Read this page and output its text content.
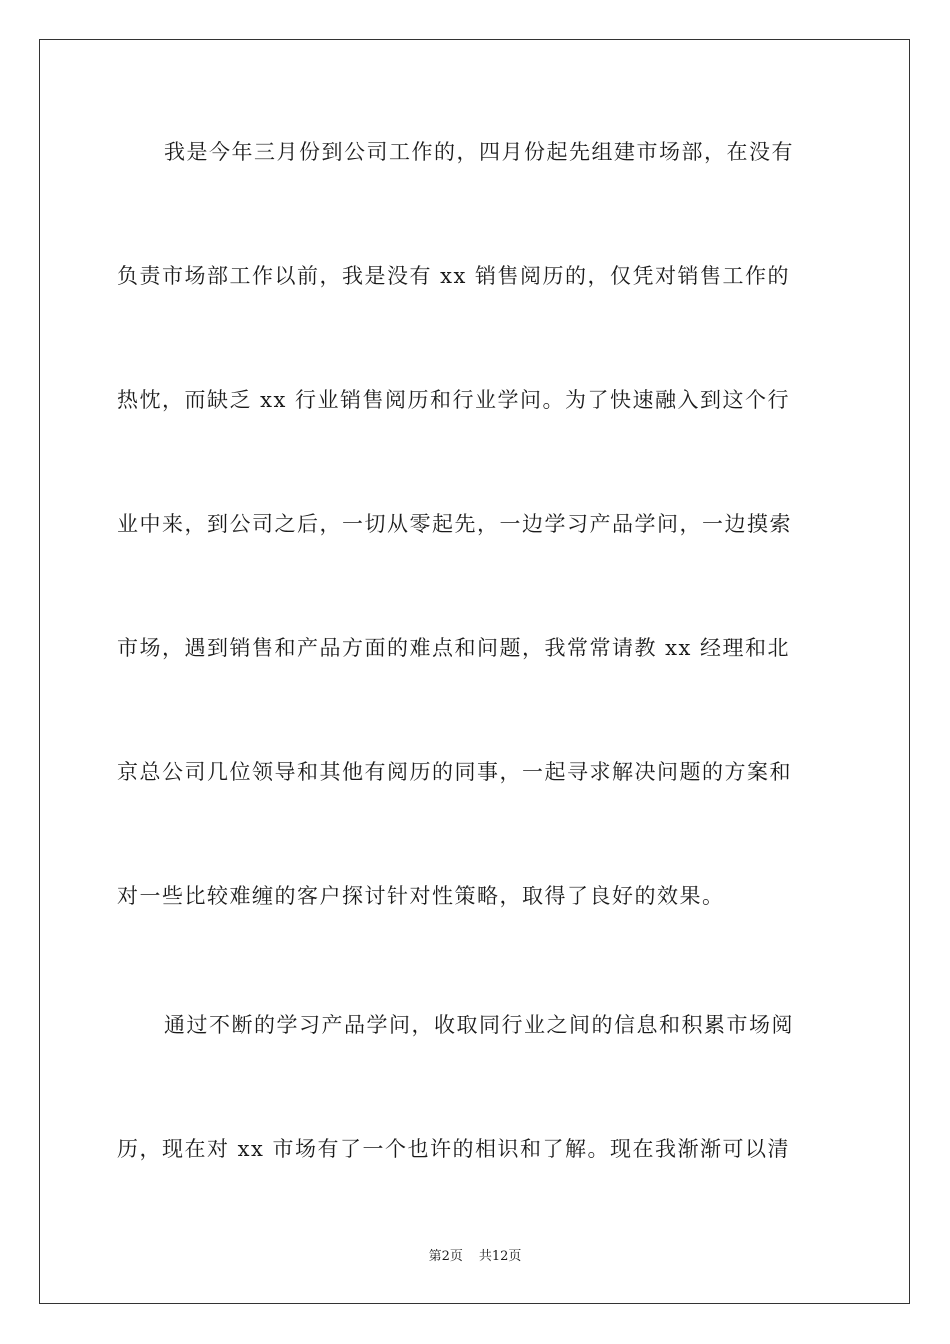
我是今年三月份到公司工作的，四月份起先组建市场部，在没有
负责市场部工作以前，我是没有 xx 销售阅历的，仅凭对销售工作的
热忱，而缺乏 xx 行业销售阅历和行业学问。为了快速融入到这个行
业中来，到公司之后，一切从零起先，一边学习产品学问，一边摸索
市场，遇到销售和产品方面的难点和问题，我常常请教 xx 经理和北
京总公司几位领导和其他有阅历的同事，一起寻求解决问题的方案和
对一些比较难缠的客户探讨针对性策略，取得了良好的效果。
通过不断的学习产品学问，收取同行业之间的信息和积累市场阅
历，现在对 xx 市场有了一个也许的相识和了解。现在我渐渐可以清
第2页 共12页
